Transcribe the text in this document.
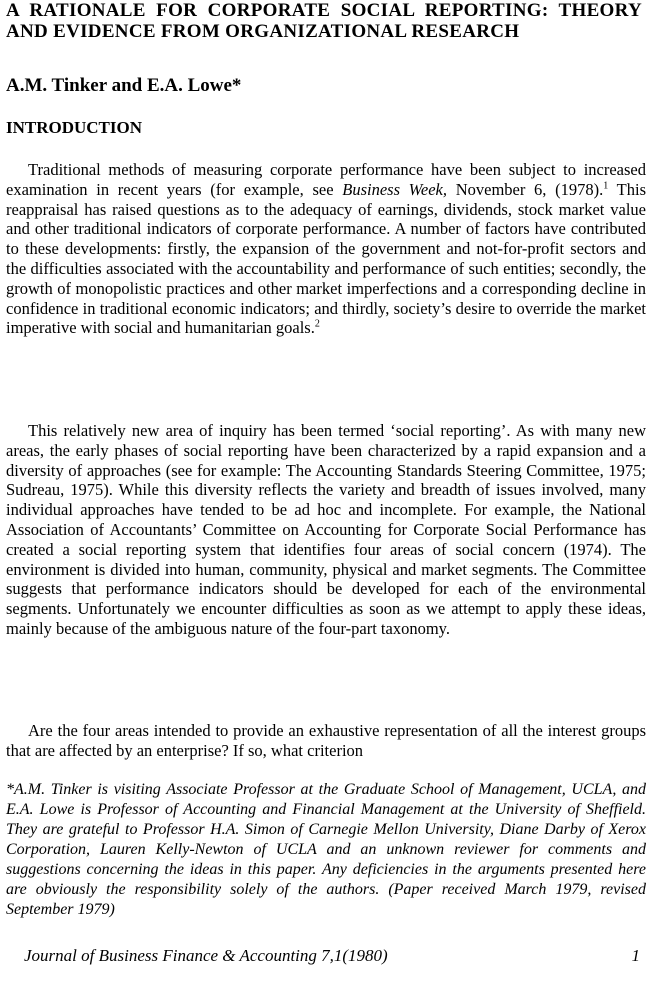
A RATIONALE FOR CORPORATE SOCIAL REPORTING: THEORY AND EVIDENCE FROM ORGANIZATIONAL RESEARCH
A.M. Tinker and E.A. Lowe*
INTRODUCTION

Traditional methods of measuring corporate performance have been subject to increased examination in recent years (for example, see Business Week, November 6, (1978).$^1$ This reappraisal has raised questions as to the adequacy of earnings, dividends, stock market value and other traditional indicators of corporate performance. A number of factors have contributed to these developments: firstly, the expansion of the government and not-for-profit sectors and the difficulties associated with the accountability and performance of such entities; secondly, the growth of monopolistic practices and other market imperfections and a corresponding decline in confidence in traditional economic indicators; and thirdly, society’s desire to override the market imperative with social and humanitarian goals.$^2$

This relatively new area of inquiry has been termed ‘social reporting’. As with many new areas, the early phases of social reporting have been characterized by a rapid expansion and a diversity of approaches (see for example: The Accounting Standards Steering Committee, 1975; Sudreau, 1975). While this diversity reflects the variety and breadth of issues involved, many individual approaches have tended to be ad hoc and incomplete. For example, the National Association of Accountants’ Committee on Accounting for Corporate Social Performance has created a social reporting system that identifies four areas of social concern (1974). The environment is divided into human, community, physical and market segments. The Committee suggests that performance indicators should be developed for each of the environmental segments. Unfortunately we encounter difficulties as soon as we attempt to apply these ideas, mainly because of the ambiguous nature of the four-part taxonomy.

Are the four areas intended to provide an exhaustive representation of all the interest groups that are affected by an enterprise? If so, what criterion

*A.M. Tinker is visiting Associate Professor at the Graduate School of Management, UCLA, and E.A. Lowe is Professor of Accounting and Financial Management at the University of Sheffield. They are grateful to Professor H.A. Simon of Carnegie Mellon University, Diane Darby of Xerox Corporation, Lauren Kelly-Newton of UCLA and an unknown reviewer for comments and suggestions concerning the ideas in this paper. Any deficiencies in the arguments presented here are obviously the responsibility solely of the authors. (Paper received March 1979, revised September 1979)

Journal of Business Finance & Accounting 7,1(1980)	1
